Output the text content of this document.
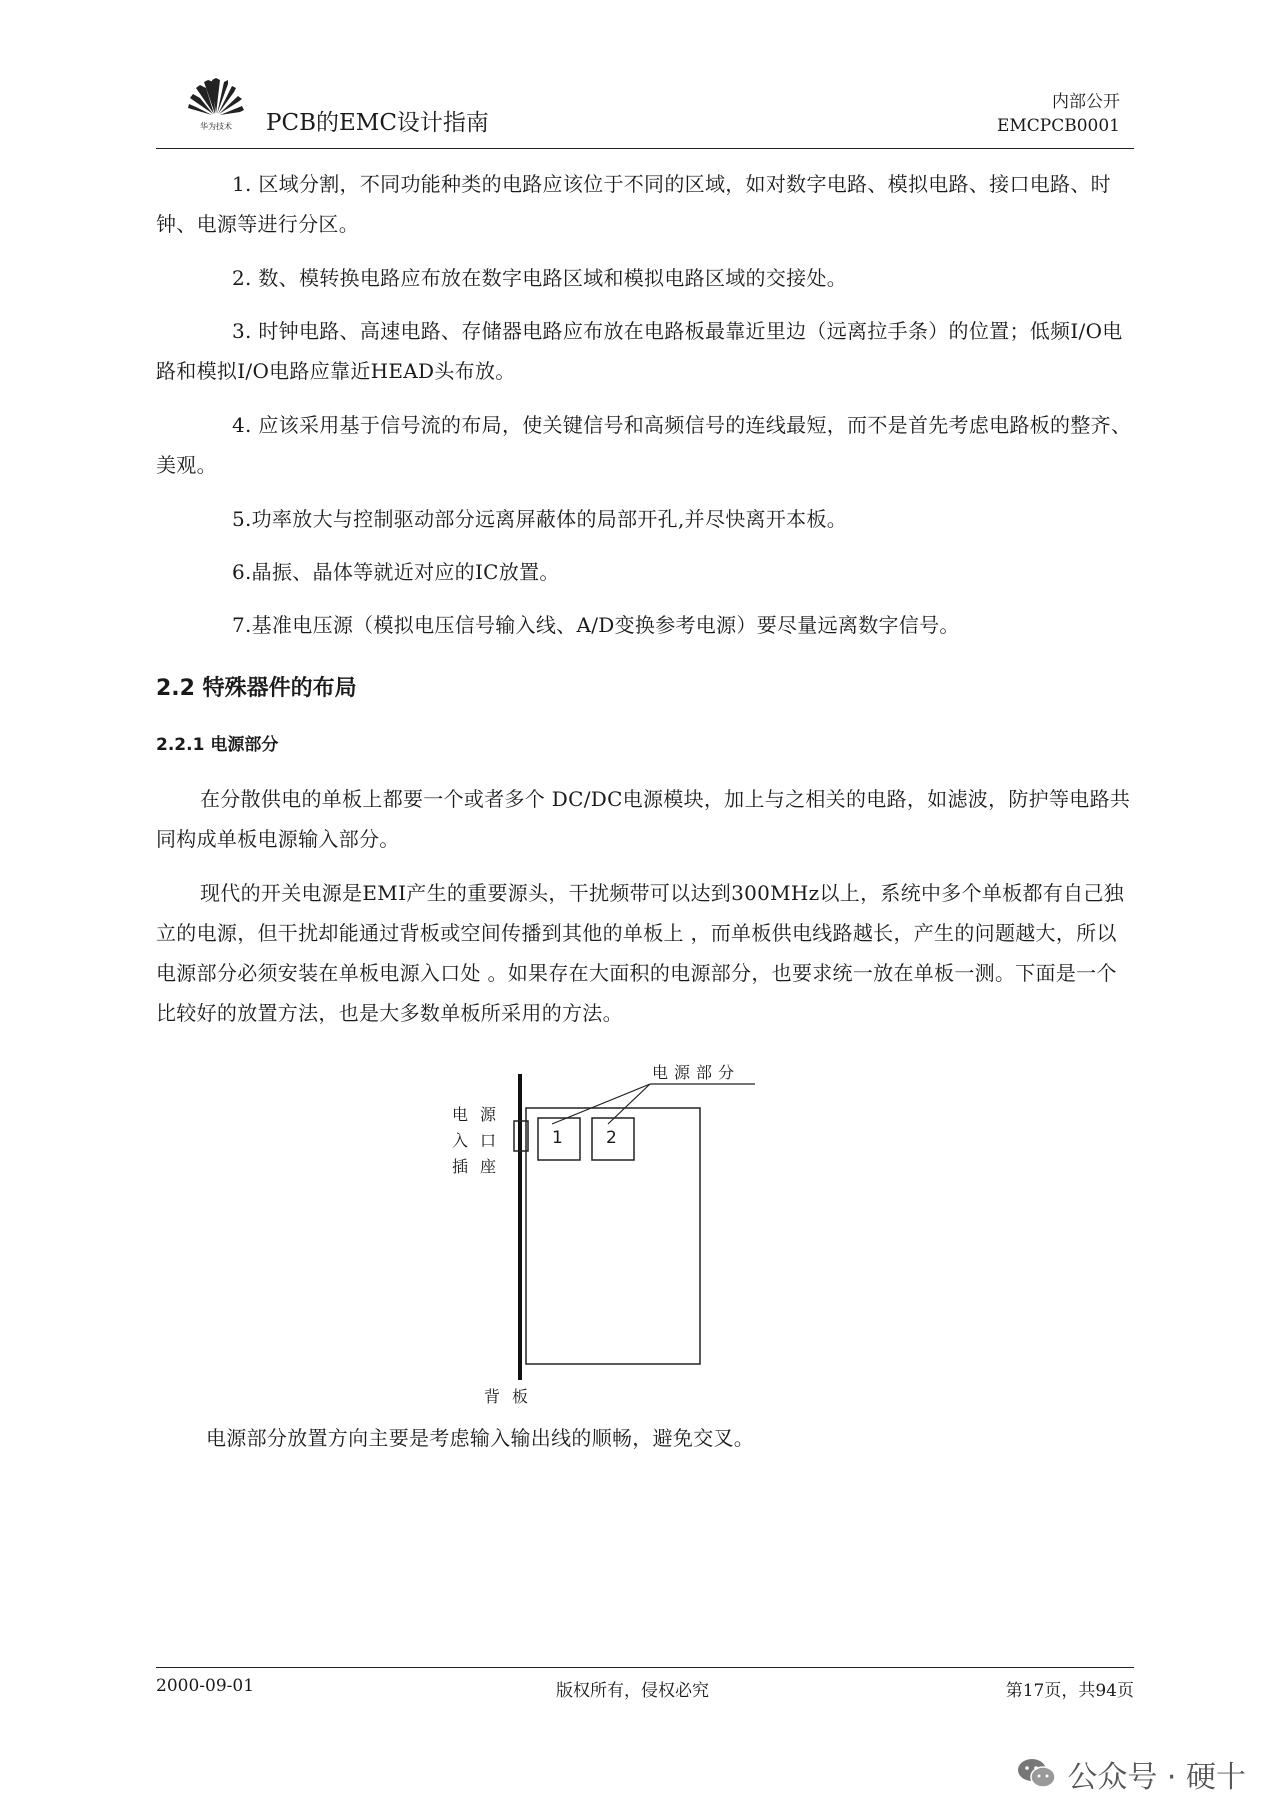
华为技术 PCB的EMC设计指南
内部公开
EMCPCB0001

1. 区域分割，不同功能种类的电路应该位于不同的区域，如对数字电路、模拟电路、接口电路、时钟、电源等进行分区。

2. 数、模转换电路应布放在数字电路区域和模拟电路区域的交接处。

3. 时钟电路、高速电路、存储器电路应布放在电路板最靠近里边（远离拉手条）的位置；低频I/O电路和模拟I/O电路应靠近HEAD头布放。

4. 应该采用基于信号流的布局，使关键信号和高频信号的连线最短，而不是首先考虑电路板的整齐、美观。

5.功率放大与控制驱动部分远离屏蔽体的局部开孔,并尽快离开本板。

6.晶振、晶体等就近对应的IC放置。

7.基准电压源（模拟电压信号输入线、A/D变换参考电源）要尽量远离数字信号。

2.2 特殊器件的布局
2.2.1 电源部分

在分散供电的单板上都要一个或者多个 DC/DC电源模块，加上与之相关的电路，如滤波，防护等电路共同构成单板电源输入部分。

现代的开关电源是EMI产生的重要源头，干扰频带可以达到300MHz以上，系统中多个单板都有自己独立的电源，但干扰却能通过背板或空间传播到其他的单板上 ，而单板供电线路越长，产生的问题越大，所以电源部分必须安装在单板电源入口处 。如果存在大面积的电源部分，也要求统一放在单板一测。下面是一个比较好的放置方法，也是大多数单板所采用的方法。

电源部分
电源
入口
插座
1	2
背板

电源部分放置方向主要是考虑输入输出线的顺畅，避免交叉。

2000-09-01	版权所有，侵权必究	第17页，共94页
公众号 · 硬十
